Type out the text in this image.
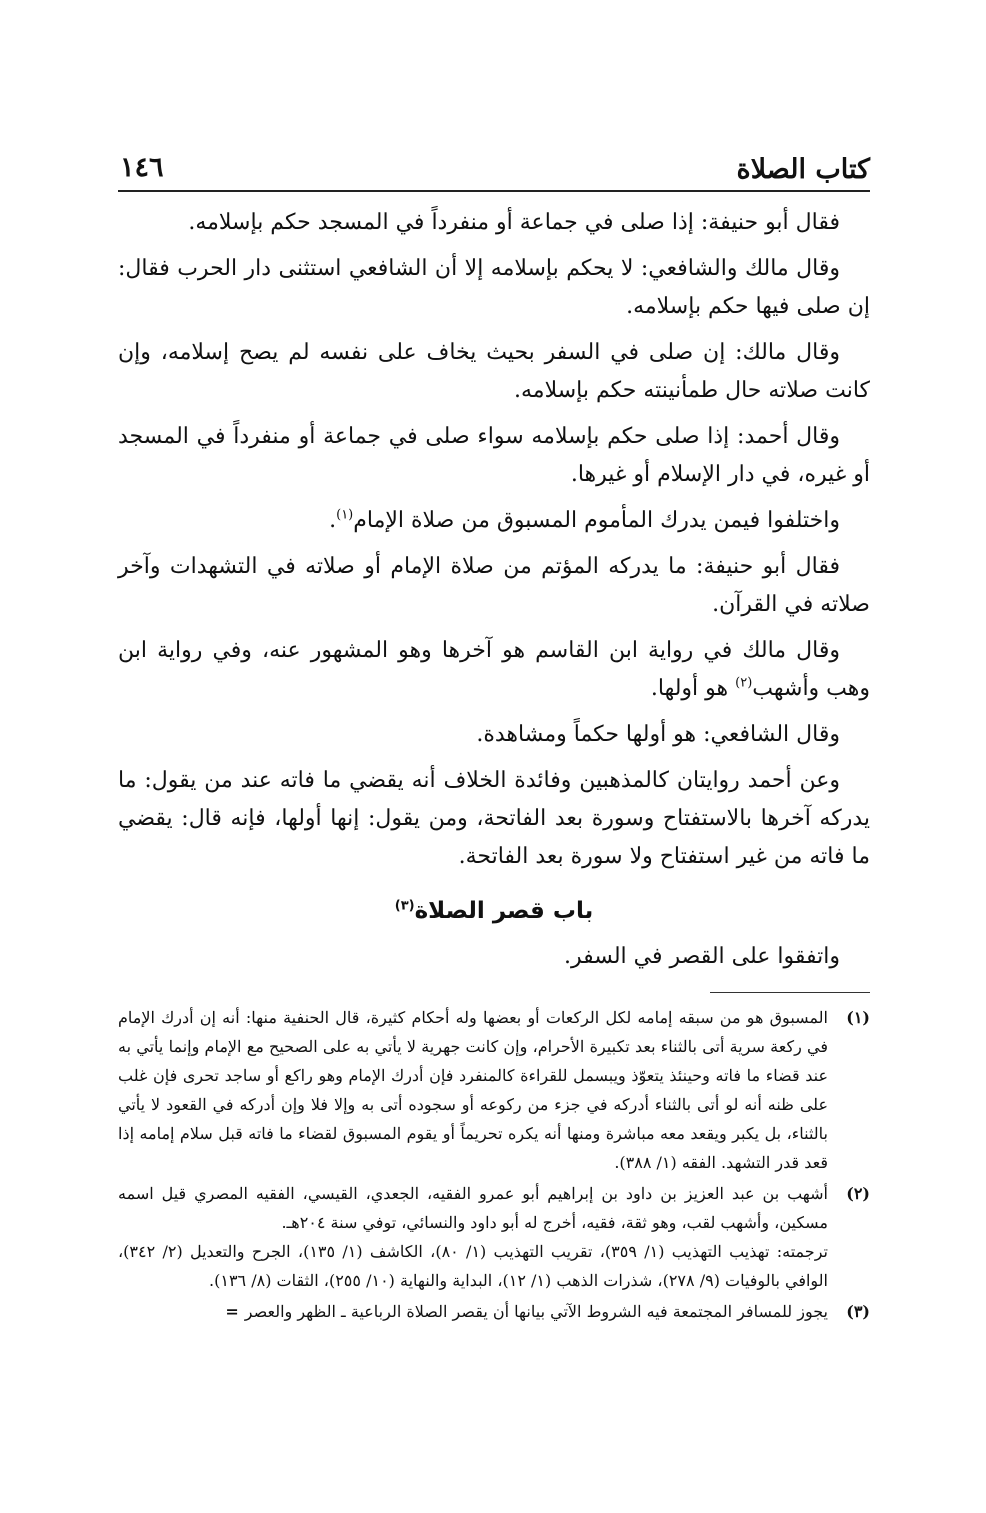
كتاب الصلاة
١٤٦

فقال أبو حنيفة: إذا صلى في جماعة أو منفرداً في المسجد حكم بإسلامه.

وقال مالك والشافعي: لا يحكم بإسلامه إلا أن الشافعي استثنى دار الحرب فقال: إن صلى فيها حكم بإسلامه.

وقال مالك: إن صلى في السفر بحيث يخاف على نفسه لم يصح إسلامه، وإن كانت صلاته حال طمأنينته حكم بإسلامه.

وقال أحمد: إذا صلى حكم بإسلامه سواء صلى في جماعة أو منفرداً في المسجد أو غيره، في دار الإسلام أو غيرها.

واختلفوا فيمن يدرك المأموم المسبوق من صلاة الإمام$^{(١)}$.

فقال أبو حنيفة: ما يدركه المؤتم من صلاة الإمام أو صلاته في التشهدات وآخر صلاته في القرآن.

وقال مالك في رواية ابن القاسم هو آخرها وهو المشهور عنه، وفي رواية ابن وهب وأشهب$^{(٢)}$ هو أولها.

وقال الشافعي: هو أولها حكماً ومشاهدة.

وعن أحمد روايتان كالمذهبين وفائدة الخلاف أنه يقضي ما فاته عند من يقول: ما يدركه آخرها بالاستفتاح وسورة بعد الفاتحة، ومن يقول: إنها أولها، فإنه قال: يقضي ما فاته من غير استفتاح ولا سورة بعد الفاتحة.

باب قصر الصلاة$^{(٣)}$

واتفقوا على القصر في السفر.

(١)

المسبوق هو من سبقه إمامه لكل الركعات أو بعضها وله أحكام كثيرة، قال الحنفية منها: أنه إن أدرك الإمام في ركعة سرية أتى بالثناء بعد تكبيرة الأحرام، وإن كانت جهرية لا يأتي به على الصحيح مع الإمام وإنما يأتي به عند قضاء ما فاته وحينئذ يتعوّذ ويبسمل للقراءة كالمنفرد فإن أدرك الإمام وهو راكع أو ساجد تحرى فإن غلب على ظنه أنه لو أتى بالثناء أدركه في جزء من ركوعه أو سجوده أتى به وإلا فلا وإن أدركه في القعود لا يأتي بالثناء، بل يكبر ويقعد معه مباشرة ومنها أنه يكره تحريماً أو يقوم المسبوق لقضاء ما فاته قبل سلام إمامه إذا قعد قدر التشهد. الفقه (١/ ٣٨٨).

(٢)

أشهب بن عبد العزيز بن داود بن إبراهيم أبو عمرو الفقيه، الجعدي، القيسي، الفقيه المصري قيل اسمه مسكين، وأشهب لقب، وهو ثقة، فقيه، أخرج له أبو داود والنسائي، توفي سنة ٢٠٤هـ.

ترجمته: تهذيب التهذيب (١/ ٣٥٩)، تقريب التهذيب (١/ ٨٠)، الكاشف (١/ ١٣٥)، الجرح والتعديل (٢/ ٣٤٢)، الوافي بالوفيات (٩/ ٢٧٨)، شذرات الذهب (١/ ١٢)، البداية والنهاية (١٠/ ٢٥٥)، الثقات (٨/ ١٣٦).

(٣)

يجوز للمسافر المجتمعة فيه الشروط الآتي بيانها أن يقصر الصلاة الرباعية ـ الظهر والعصر=
